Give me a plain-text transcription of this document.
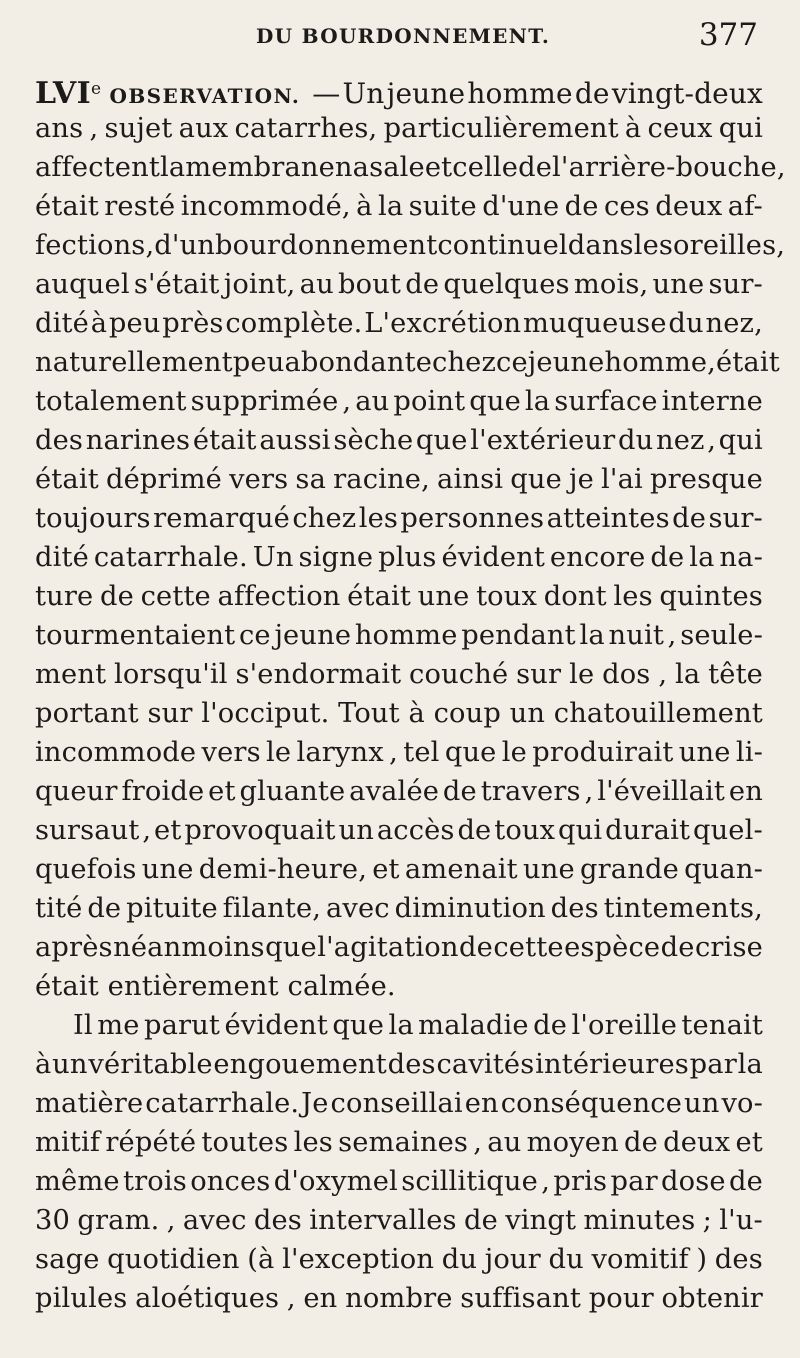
DU BOURDONNEMENT.	377
LVIe OBSERVATION. — Un jeune homme de vingt-deux
ans , sujet aux catarrhes, particulièrement à ceux qui
affectent la membrane nasale et celle de l'arrière-bouche,
était resté incommodé, à la suite d'une de ces deux af-
fections, d'un bourdonnement continuel dans les oreilles,
auquel s'était joint, au bout de quelques mois, une sur-
dité à peu près complète. L'excrétion muqueuse du nez,
naturellement peu abondante chez ce jeune homme, était
totalement supprimée , au point que la surface interne
des narines était aussi sèche que l'extérieur du nez , qui
était déprimé vers sa racine, ainsi que je l'ai presque
toujours remarqué chez les personnes atteintes de sur-
dité catarrhale. Un signe plus évident encore de la na-
ture de cette affection était une toux dont les quintes
tourmentaient ce jeune homme pendant la nuit , seule-
ment lorsqu'il s'endormait couché sur le dos , la tête
portant sur l'occiput. Tout à coup un chatouillement
incommode vers le larynx , tel que le produirait une li-
queur froide et gluante avalée de travers , l'éveillait en
sursaut , et provoquait un accès de toux qui durait quel-
quefois une demi-heure, et amenait une grande quan-
tité de pituite filante, avec diminution des tintements,
après néanmoins que l'agitation de cette espèce de crise
était entièrement calmée.
Il me parut évident que la maladie de l'oreille tenait
à un véritable engouement des cavités intérieures par la
matière catarrhale. Je conseillai en conséquence un vo-
mitif répété toutes les semaines , au moyen de deux et
même trois onces d'oxymel scillitique , pris par dose de
30 gram. , avec des intervalles de vingt minutes ; l'u-
sage quotidien (à l'exception du jour du vomitif ) des
pilules aloétiques , en nombre suffisant pour obtenir
